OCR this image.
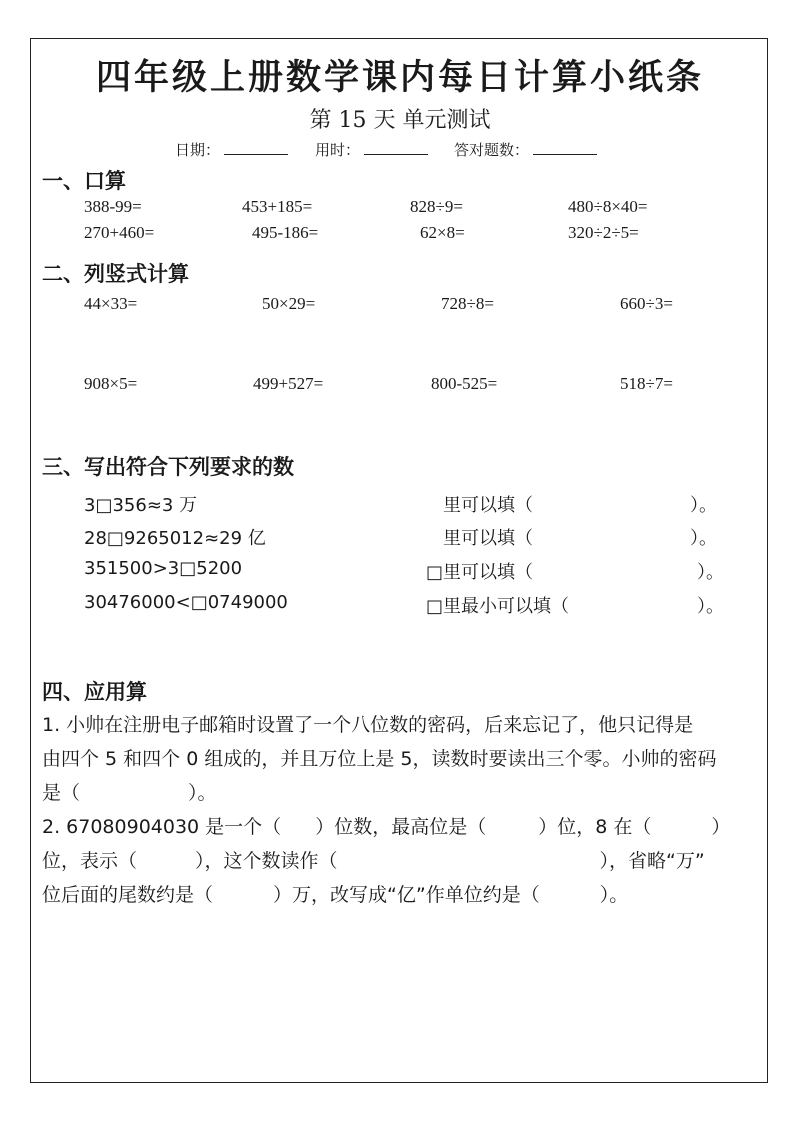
四年级上册数学课内每日计算小纸条
第 15 天 单元测试
日期：	用时：	答对题数：
一、口算
388-99=	453+185=	828÷9=	480÷8×40=
270+460=	495-186=	62×8=	320÷2÷5=
二、列竖式计算
44×33=	50×29=	728÷8=	660÷3=
908×5=	499+527=	800-525=	518÷7=
三、写出符合下列要求的数
3□356≈3 万	里可以填（	）。
28□9265012≈29 亿	里可以填（	）。
351500>3□5200	□里可以填（	）。
30476000<□0749000	□里最小可以填（	）。
四、应用算

1. 小帅在注册电子邮箱时设置了一个八位数的密码，后来忘记了，他只记得是

由四个 5 和四个 0 组成的，并且万位上是 5，读数时要读出三个零。小帅的密码

是（	）。

2. 67080904030 是一个（ ）位数，最高位是（	）位，8 在（	）

位，表示（	），这个数读作（	），省略“万”

位后面的尾数约是（	）万，改写成“亿”作单位约是（	）。
